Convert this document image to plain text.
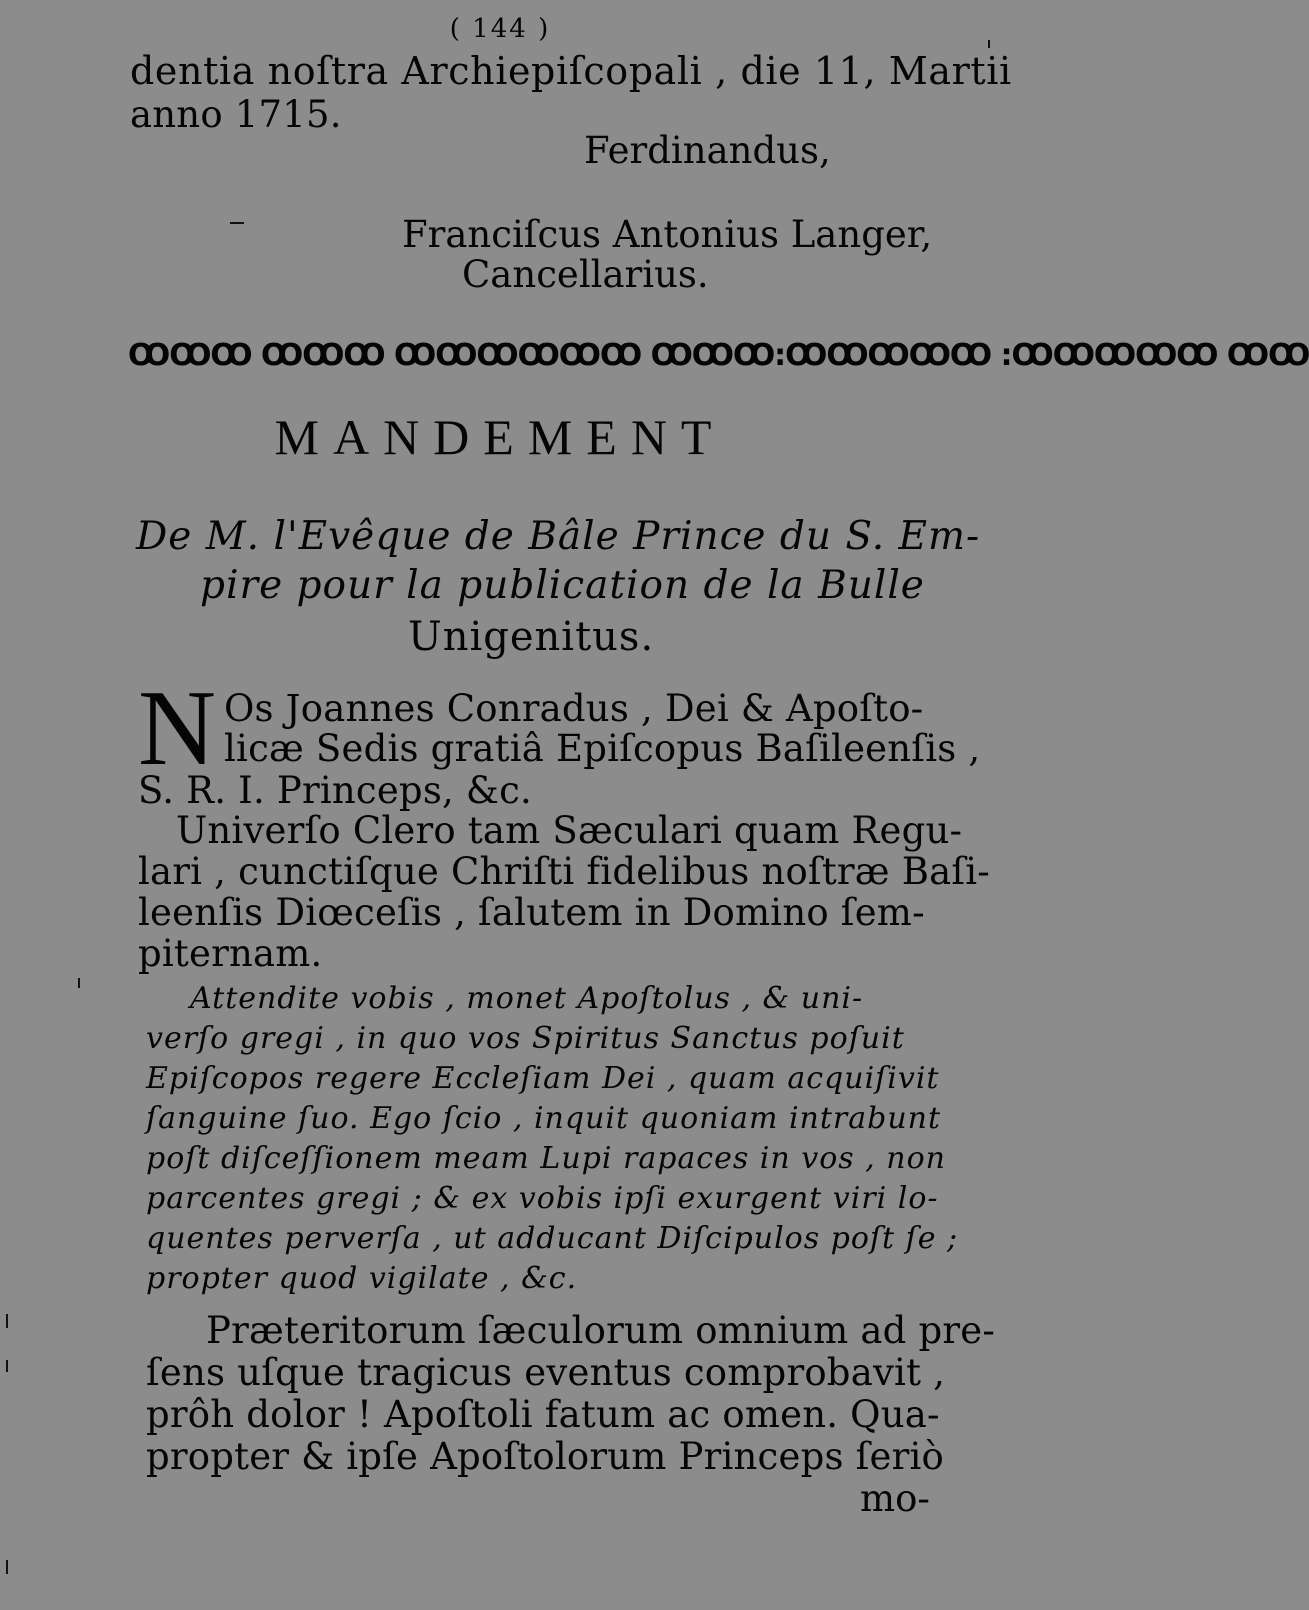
( 144 )
dentia noſtra Archiepiſcopali , die 11, Martii
anno 1715.
Ferdinandus,
Franciſcus Antonius Langer,
Cancellarius.
ꝎꝎꝎ ꝎꝎꝎ ꝎꝎꝎꝎꝎꝎ ꝎꝎꝎ:ꝎꝎꝎꝎꝎ :ꝎꝎꝎꝎꝎ ꝎꝎ
MANDEMENT
De M. l'Evêque de Bâle Prince du S. Em-
pire pour la publication de la Bulle
Unigenitus.
N Os Joannes Conradus , Dei & Apoſto-
licæ Sedis gratiâ Epiſcopus Baſileenſis ,
S. R. I. Princeps, &c.
Univerſo Clero tam Sæculari quam Regu-
lari , cunctiſque Chriſti fidelibus noſtræ Baſi-
leenſis Diœceſis , ſalutem in Domino ſem-
piternam.
Attendite vobis , monet Apoſtolus , & uni-
verſo gregi , in quo vos Spiritus Sanctus poſuit
Epiſcopos regere Eccleſiam Dei , quam acquiſivit
ſanguine ſuo. Ego ſcio , inquit quoniam intrabunt
poſt diſceſſionem meam Lupi rapaces in vos , non
parcentes gregi ; & ex vobis ipſi exurgent viri lo-
quentes perverſa , ut adducant Diſcipulos poſt ſe ;
propter quod vigilate , &c.
Præteritorum ſæculorum omnium ad pre-
ſens uſque tragicus eventus comprobavit ,
prôh dolor ! Apoſtoli fatum ac omen. Qua-
propter & ipſe Apoſtolorum Princeps ſeriò
mo-
